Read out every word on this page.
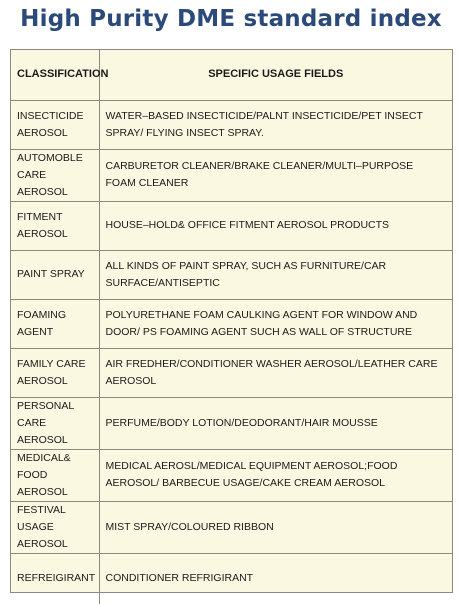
High Purity DME standard index
CLASSIFICATION	SPECIFIC USAGE FIELDS
INSECTICIDE AEROSOL	WATER–BASED INSECTICIDE/PALNT INSECTICIDE/PET INSECT SPRAY/ FLYING INSECT SPRAY.
AUTOMOBLE CARE AEROSOL	CARBURETOR CLEANER/BRAKE CLEANER/MULTI–PURPOSE FOAM CLEANER
FITMENT AEROSOL	HOUSE–HOLD& OFFICE FITMENT AEROSOL PRODUCTS
PAINT SPRAY	ALL KINDS OF PAINT SPRAY, SUCH AS FURNITURE/CAR SURFACE/ANTISEPTIC
FOAMING AGENT	POLYURETHANE FOAM CAULKING AGENT FOR WINDOW AND DOOR/ PS FOAMING AGENT SUCH AS WALL OF STRUCTURE
FAMILY CARE AEROSOL	AIR FREDHER/CONDITIONER WASHER AEROSOL/LEATHER CARE AEROSOL
PERSONAL CARE AEROSOL	PERFUME/BODY LOTION/DEODORANT/HAIR MOUSSE
MEDICAL& FOOD AEROSOL	MEDICAL AEROSL/MEDICAL EQUIPMENT AEROSOL;FOOD AEROSOL/ BARBECUE USAGE/CAKE CREAM AEROSOL
FESTIVAL USAGE AEROSOL	MIST SPRAY/COLOURED RIBBON
REFREIGIRANT	CONDITIONER REFRIGIRANT
